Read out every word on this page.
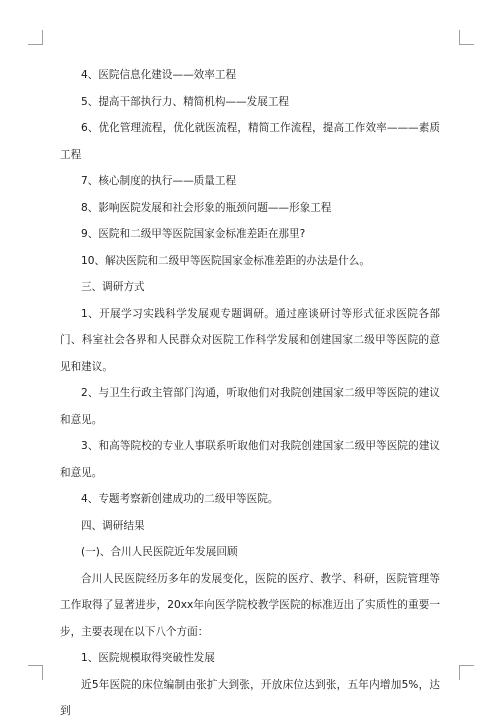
4、医院信息化建设——效率工程

5、提高干部执行力、精简机构——发展工程

6、优化管理流程，优化就医流程，精简工作流程，提高工作效率———素质工程

7、核心制度的执行——质量工程

8、影响医院发展和社会形象的瓶颈问题——形象工程

9、医院和二级甲等医院国家金标准差距在那里?

10、解决医院和二级甲等医院国家金标准差距的办法是什么。

三、调研方式

1、开展学习实践科学发展观专题调研。通过座谈研讨等形式征求医院各部门、科室社会各界和人民群众对医院工作科学发展和创建国家二级甲等医院的意见和建议。

2、与卫生行政主管部门沟通，听取他们对我院创建国家二级甲等医院的建议和意见。

3、和高等院校的专业人事联系听取他们对我院创建国家二级甲等医院的建议和意见。

4、专题考察新创建成功的二级甲等医院。

四、调研结果

(一)、合川人民医院近年发展回顾

合川人民医院经历多年的发展变化，医院的医疗、教学、科研，医院管理等工作取得了显著进步，20xx年向医学院校教学医院的标准迈出了实质性的重要一步，主要表现在以下八个方面：

1、医院规模取得突破性发展

近5年医院的床位编制由张扩大到张，开放床位达到张，五年内增加5%，达到
